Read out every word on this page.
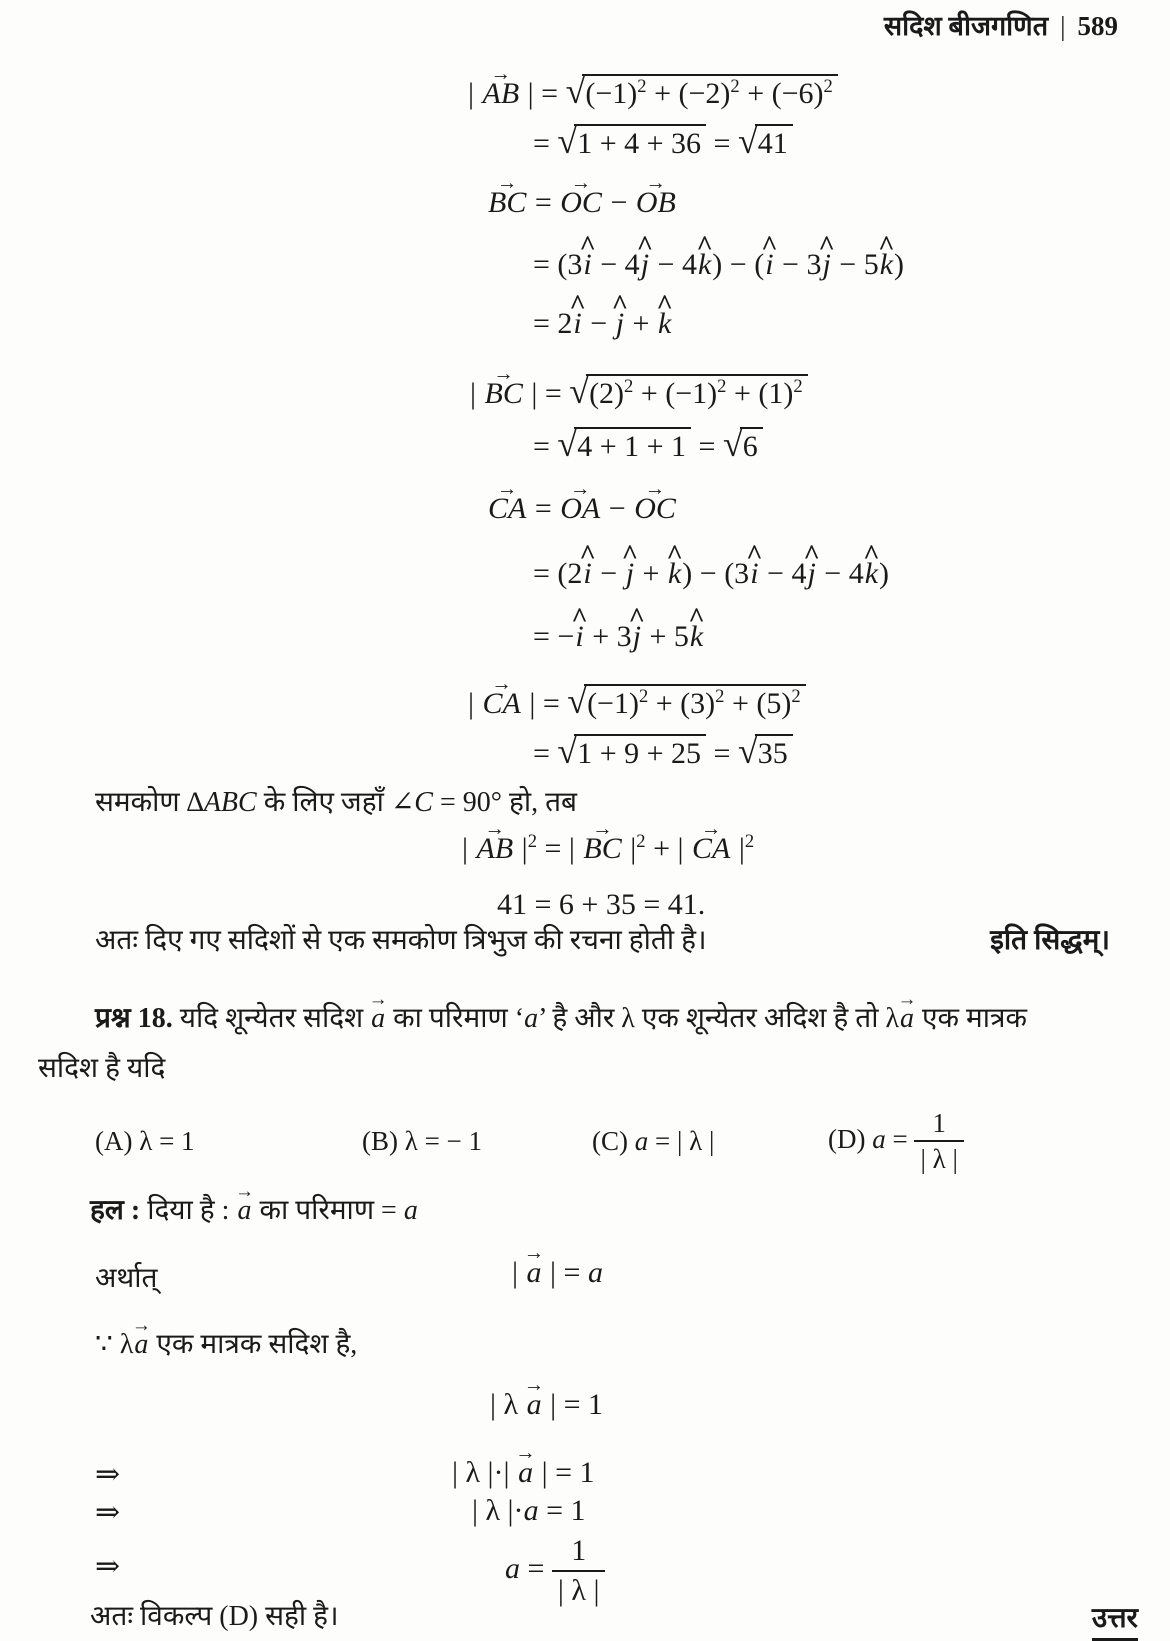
सदिश बीजगणित | 589
| AB → | = $√(-1)^2 + (-2)^2 + (-6)^2$
= √1 + 4 + 36 = √41
BC → = OC → − OB →
= (3i ^ − 4j ^ − 4k ^) − (i ^ − 3j ^ − 5k ^)
= 2i ^ − j ^ + k ^
| BC → | = $√(2)^2 + (-1)^2 + (1)^2$
= √4 + 1 + 1 = √6
CA → = OA → − OC →
= (2i ^ − j ^ + k ^) − (3i ^ − 4j ^ − 4k ^)
= −i ^ + 3j ^ + 5k ^
| CA → | = $√(-1)^2 + (3)^2 + (5)^2$
= √1 + 9 + 25 = √35
समकोण ∆ABC के लिए जहाँ ∠C = 90° हो, तब
| AB → $|^2$ = | BC → $|^2$ + | CA → $|^2$
41 = 6 + 35 = 41.
अतः दिए गए सदिशों से एक समकोण त्रिभुज की रचना होती है।	इति सिद्धम्।
प्रश्न 18. यदि शून्येतर सदिश a → का परिमाण ‘a’ है और λ एक शून्येतर अदिश है तो λa → एक मात्रक
सदिश है यदि
(A) λ = 1	(B) λ = − 1	(C) a = | λ |	(D) $a = \frac{1}{| \lambda |}$
हल : दिया है : a → का परिमाण = a
अर्थात्	| a → | = a
∵ λa → एक मात्रक सदिश है,
| λ a → | = 1
⇒	| λ |·| a → | = 1
⇒	| λ |·a = 1
⇒	$a = \frac{1}{| \lambda |}$
अतः विकल्प (D) सही है।	उत्तर
